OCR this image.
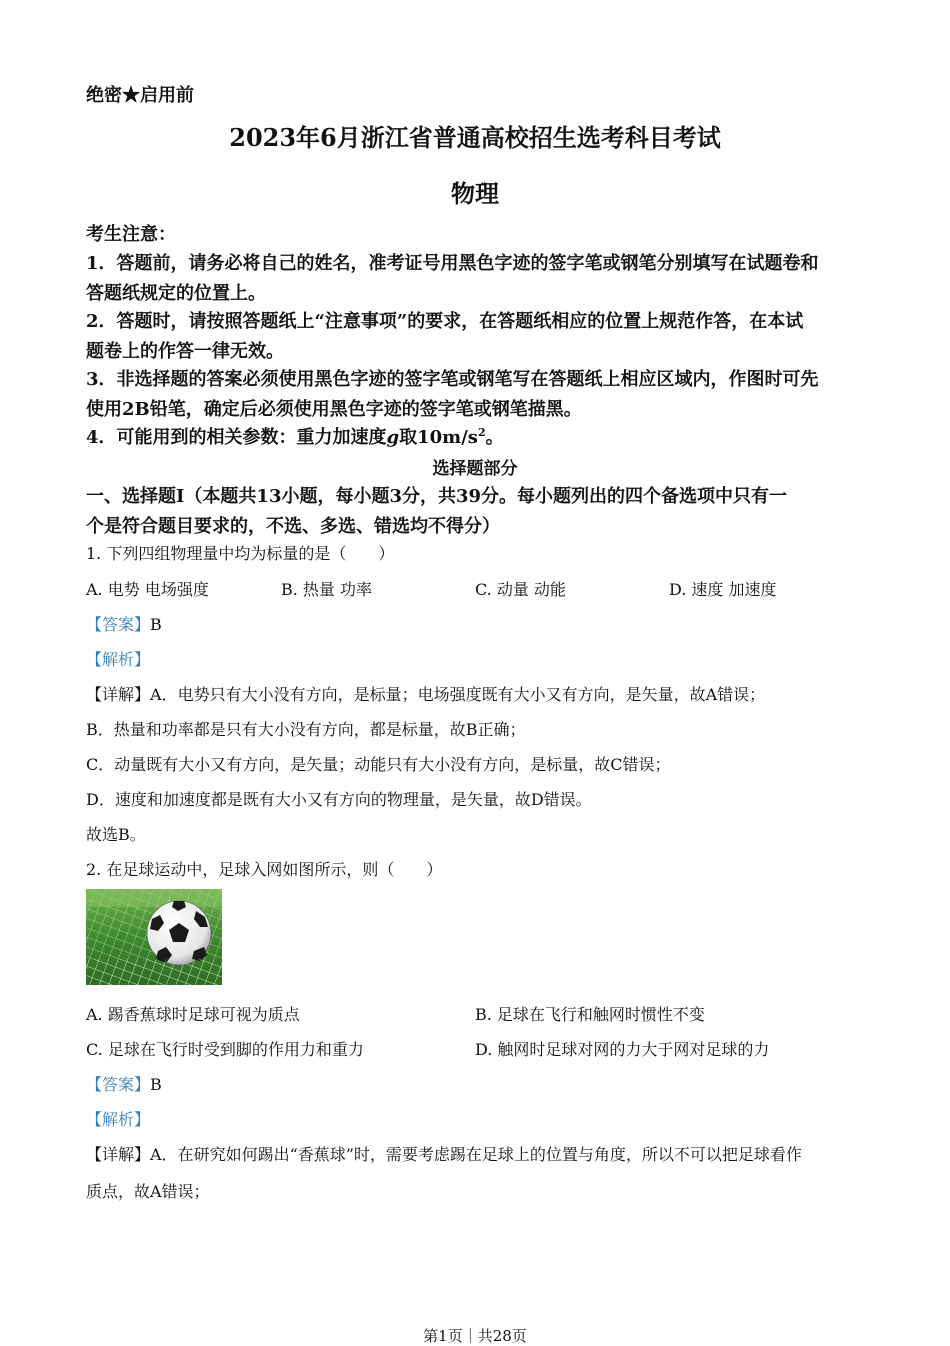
绝密★启用前
2023年6月浙江省普通高校招生选考科目考试
物理
考生注意：
1．答题前，请务必将自己的姓名，准考证号用黑色字迹的签字笔或钢笔分别填写在试题卷和
答题纸规定的位置上。
2．答题时，请按照答题纸上“注意事项”的要求，在答题纸相应的位置上规范作答，在本试
题卷上的作答一律无效。
3．非选择题的答案必须使用黑色字迹的签字笔或钢笔写在答题纸上相应区域内，作图时可先
使用2B铅笔，确定后必须使用黑色字迹的签字笔或钢笔描黑。
4．可能用到的相关参数：重力加速度g取$10m/s^2$。
选择题部分
一、选择题Ⅰ（本题共13小题，每小题3分，共39分。每小题列出的四个备选项中只有一
个是符合题目要求的，不选、多选、错选均不得分）
1. 下列四组物理量中均为标量的是（　　）
A. 电势 电场强度	B. 热量 功率	C. 动量 动能	D. 速度 加速度
【答案】B
【解析】
【详解】A．电势只有大小没有方向，是标量；电场强度既有大小又有方向，是矢量，故A错误；
B．热量和功率都是只有大小没有方向，都是标量，故B正确；
C．动量既有大小又有方向，是矢量；动能只有大小没有方向，是标量，故C错误；
D．速度和加速度都是既有大小又有方向的物理量，是矢量，故D错误。
故选B。
2. 在足球运动中，足球入网如图所示，则（　　）
A. 踢香蕉球时足球可视为质点	B. 足球在飞行和触网时惯性不变
C. 足球在飞行时受到脚的作用力和重力	D. 触网时足球对网的力大于网对足球的力
【答案】B
【解析】
【详解】A．在研究如何踢出“香蕉球”时，需要考虑踢在足球上的位置与角度，所以不可以把足球看作
质点，故A错误；
第1页｜共28页
